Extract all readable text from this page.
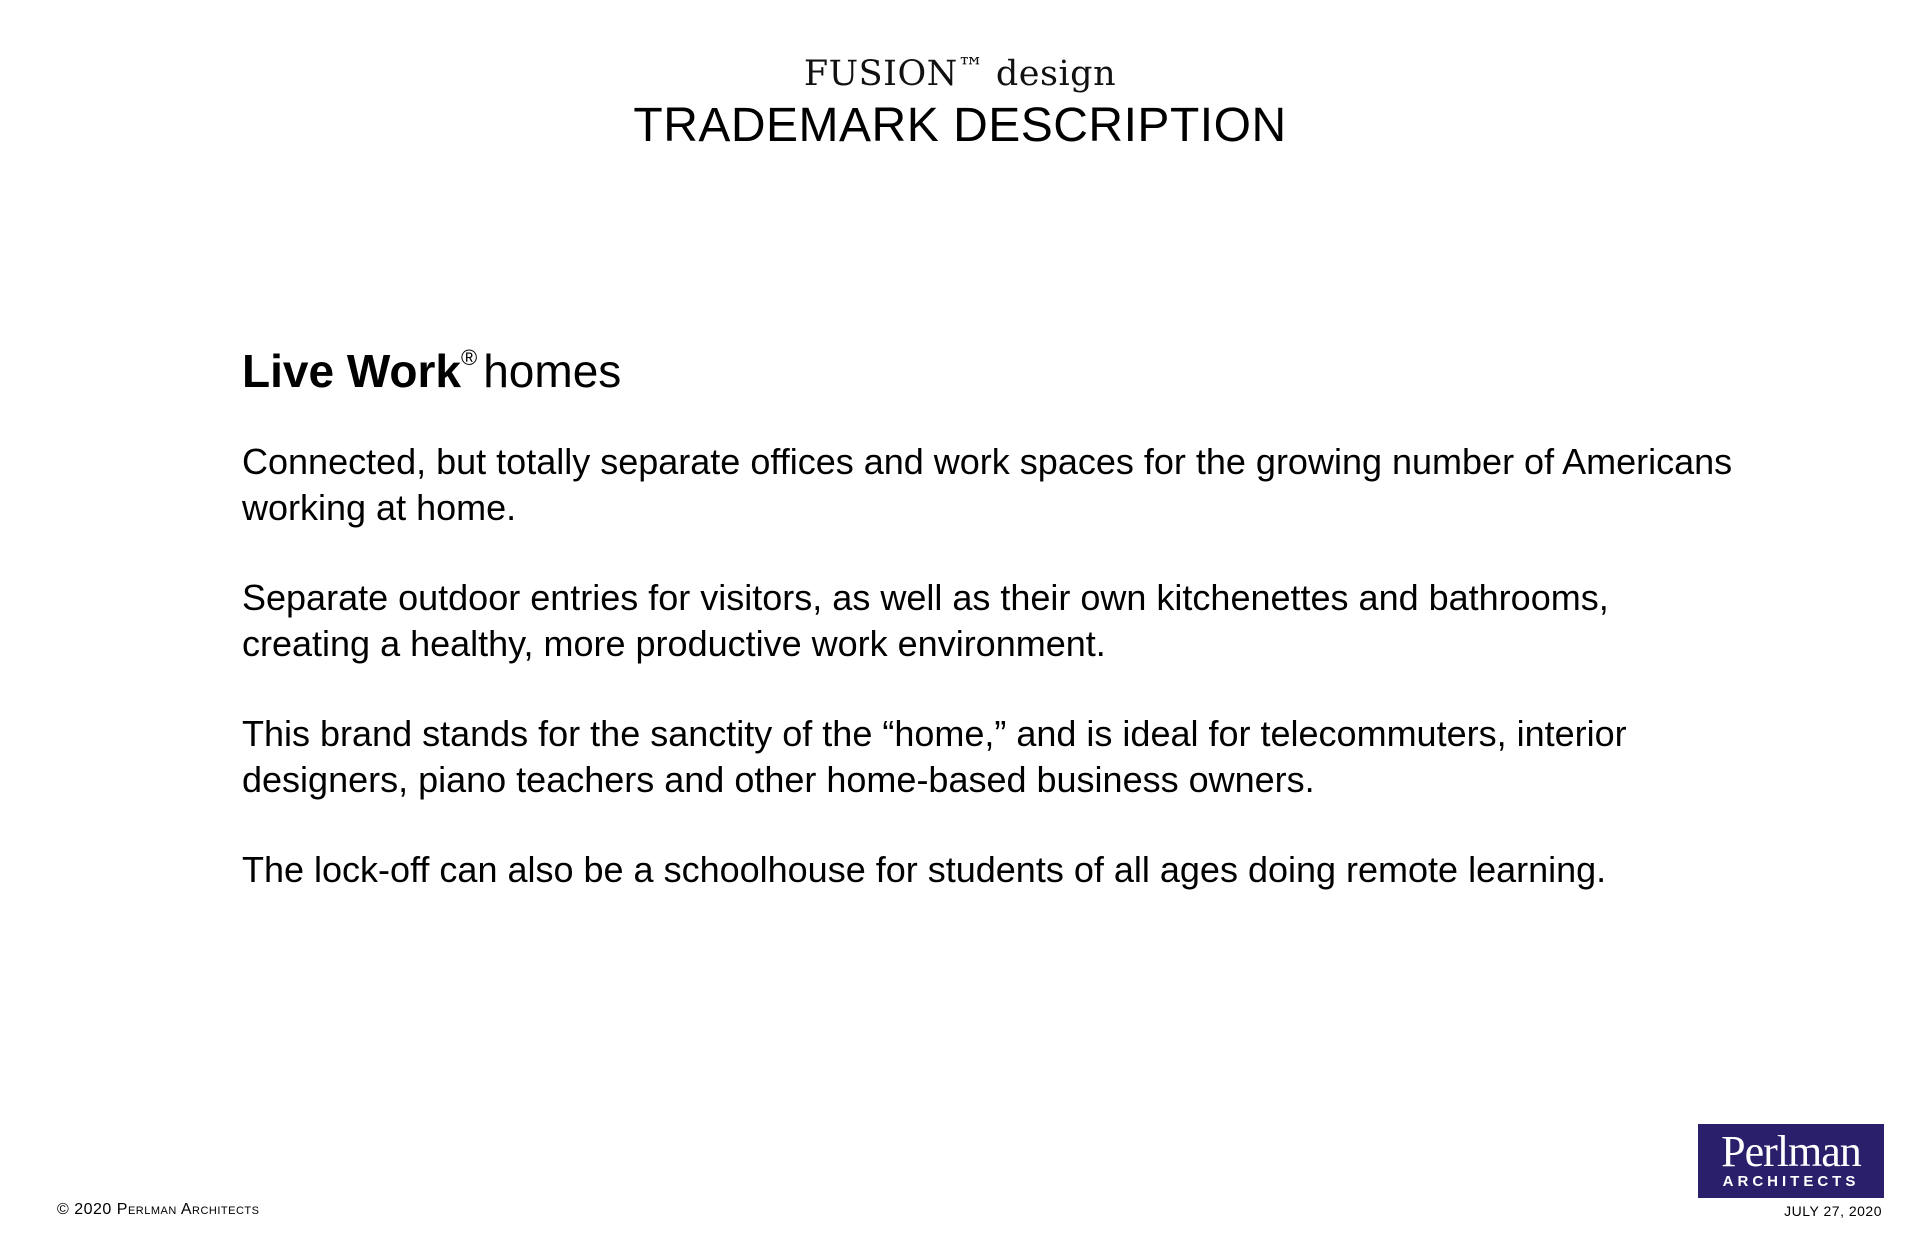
FUSION™ design
TRADEMARK DESCRIPTION
Live Work® homes

Connected, but totally separate offices and work spaces for the growing number of Americans working at home.

Separate outdoor entries for visitors, as well as their own kitchenettes and bathrooms, creating a healthy, more productive work environment.

This brand stands for the sanctity of the “home,” and is ideal for telecommuters, interior designers, piano teachers and other home-based business owners.

The lock-off can also be a schoolhouse for students of all ages doing remote learning.

© 2020 Perlman Architects
Perlman
ARCHITECTS
JULY 27, 2020
